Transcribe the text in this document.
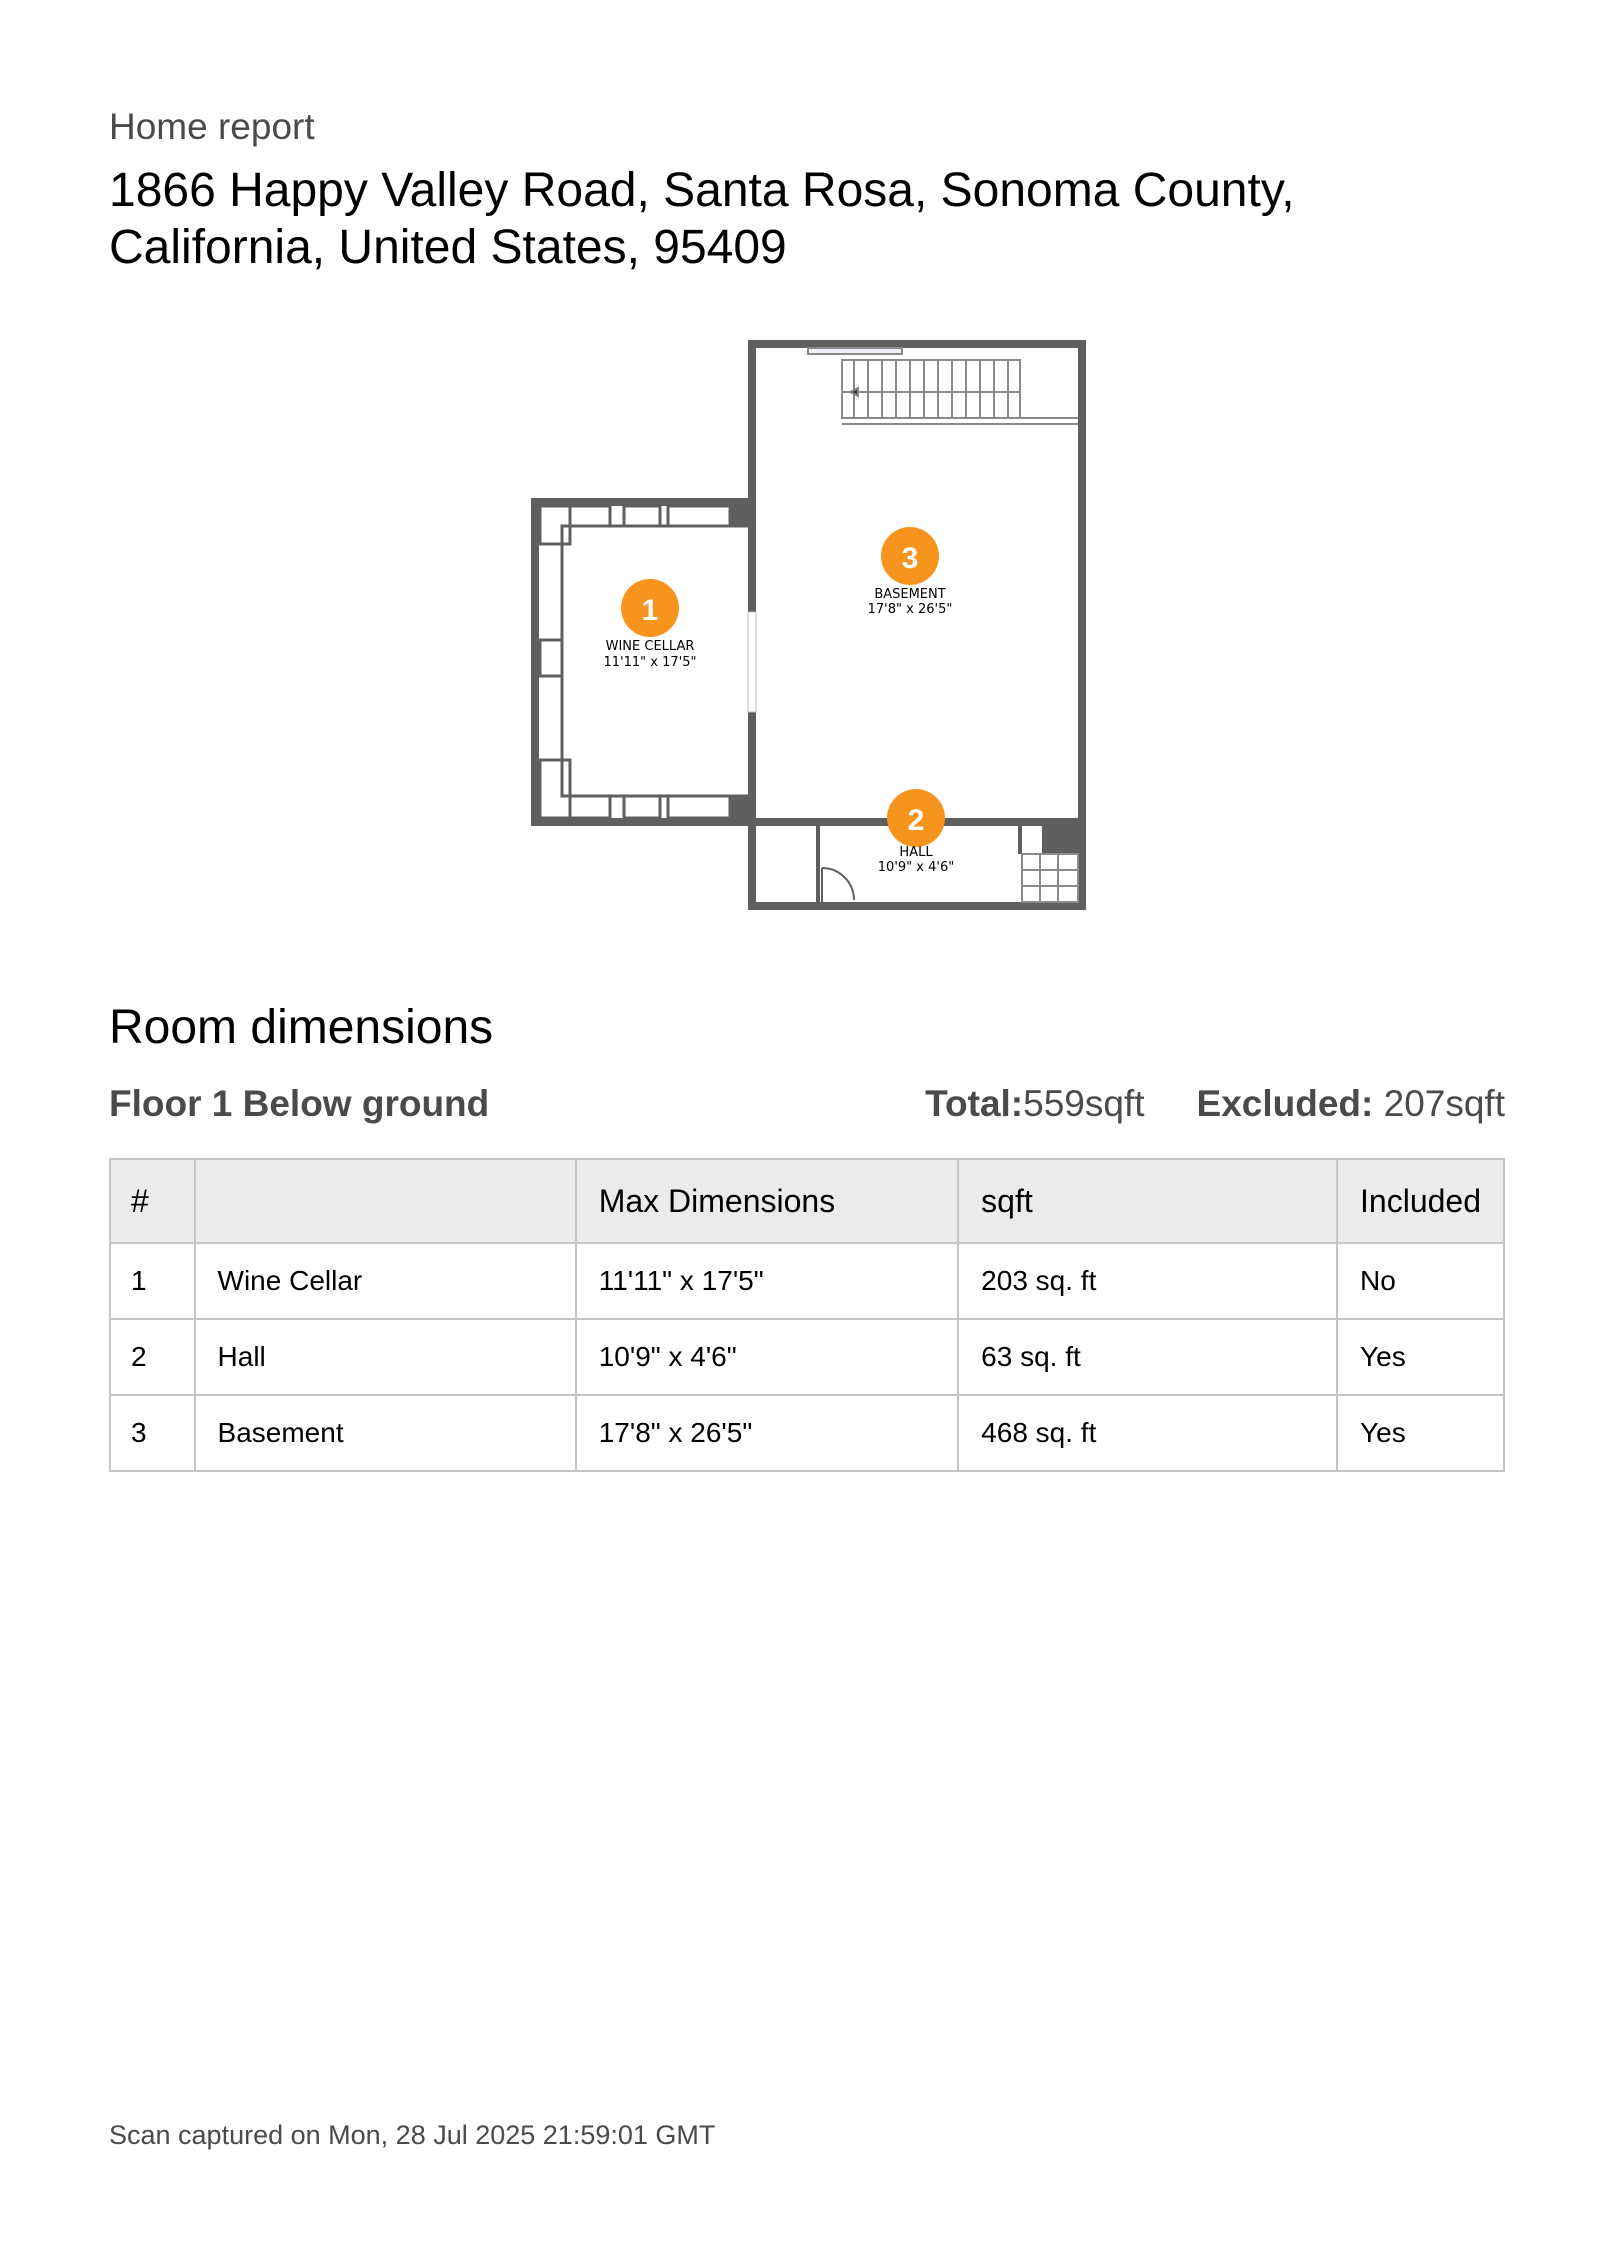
Home report
1866 Happy Valley Road, Santa Rosa, Sonoma County, California, United States, 95409
1
WINE CELLAR
11'11" x 17'5"
3
BASEMENT
17'8" x 26'5"
2
HALL
10'9" x 4'6"
Room dimensions
Floor 1 Below ground	Total:559sqft Excluded: 207sqft
#		Max Dimensions	sqft	Included
1	Wine Cellar	11'11" x 17'5"	203 sq. ft	No
2	Hall	10'9" x 4'6"	63 sq. ft	Yes
3	Basement	17'8" x 26'5"	468 sq. ft	Yes
Scan captured on Mon, 28 Jul 2025 21:59:01 GMT
